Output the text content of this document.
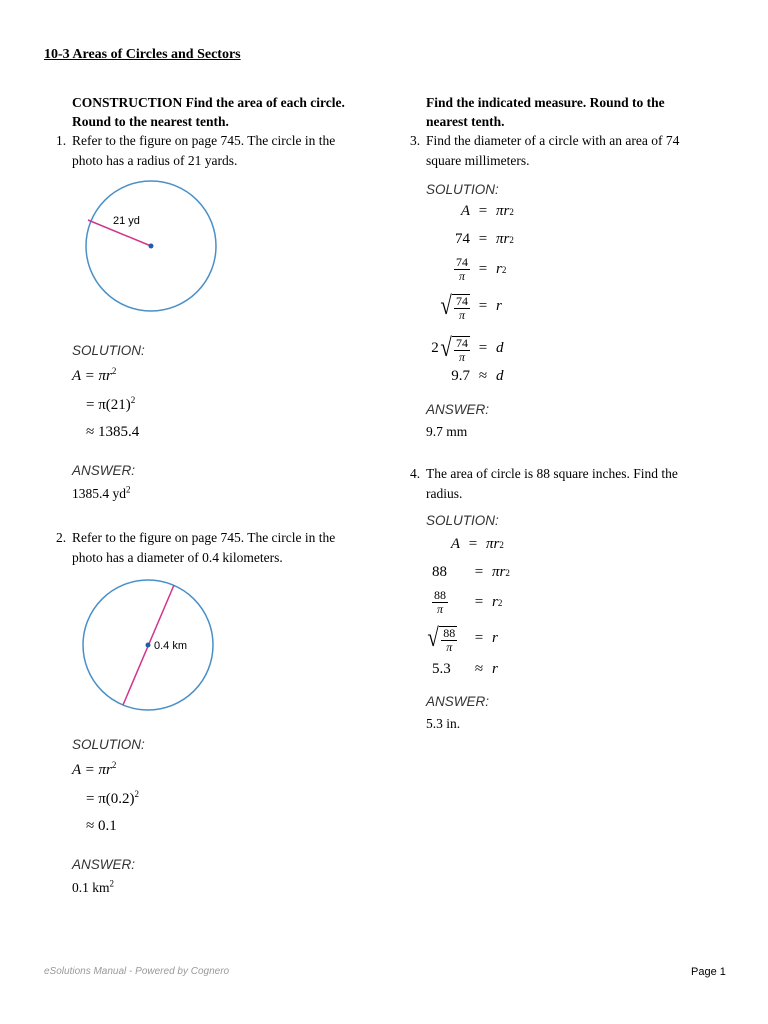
10-3 Areas of Circles and Sectors
CONSTRUCTION Find the area of each circle.
Round to the nearest tenth.
Find the indicated measure. Round to the
nearest tenth.
1. Refer to the figure on page 745. The circle in the
photo has a radius of 21 yards.
21 yd
SOLUTION:
$A = \pi r^2$
= $\pi(21)^2$
≈ 1385.4
ANSWER:
1385.4 $yd^2$
2. Refer to the figure on page 745. The circle in the
photo has a diameter of 0.4 kilometers.
0.4 km
SOLUTION:
$A = \pi r^2$
= $\pi(0.2)^2$
≈ 0.1
ANSWER:
0.1 $km^2$
3. Find the diameter of a circle with an area of 74
square millimeters.
SOLUTION:
A = πr 2
74 = πr 2
$\frac{74}{\pi} = r$ 2
√ $\frac{74}{\pi} = r$
2 √ $\frac{74}{\pi} = d$
9.7 ≈ d
ANSWER:
9.7 mm
4. The area of circle is 88 square inches. Find the
radius.
SOLUTION:
A = πr 2
88	= πr 2
$\frac{88}{\pi}$	= r 2
√ $\frac{88}{\pi}$	= r
5.3	≈ r
ANSWER:
5.3 in.
eSolutions Manual - Powered by Cognero	Page 1
